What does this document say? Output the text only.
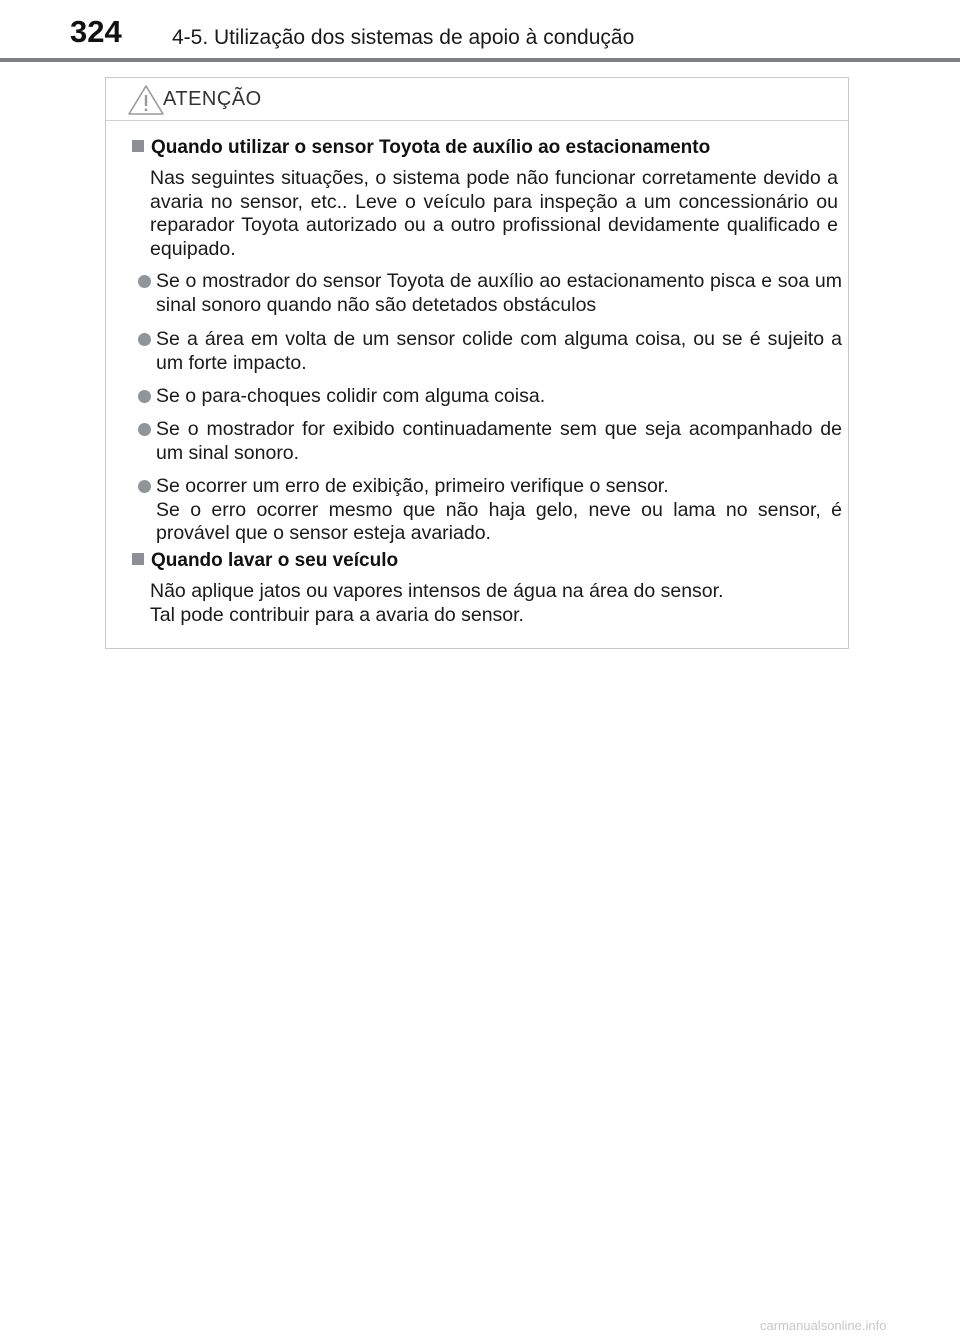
324 4-5. Utilização dos sistemas de apoio à condução
ATENÇÃO
Quando utilizar o sensor Toyota de auxílio ao estacionamento
Nas seguintes situações, o sistema pode não funcionar corretamente devido a avaria no sensor, etc.. Leve o veículo para inspeção a um concessionário ou reparador Toyota autorizado ou a outro profissional devidamente qualificado e equipado.
Se o mostrador do sensor Toyota de auxílio ao estacionamento pisca e soa um sinal sonoro quando não são detetados obstáculos
Se a área em volta de um sensor colide com alguma coisa, ou se é sujeito a um forte impacto.
Se o para-choques colidir com alguma coisa.
Se o mostrador for exibido continuadamente sem que seja acompanhado de um sinal sonoro.
Se ocorrer um erro de exibição, primeiro verifique o sensor.
Se o erro ocorrer mesmo que não haja gelo, neve ou lama no sensor, é provável que o sensor esteja avariado.
Quando lavar o seu veículo
Não aplique jatos ou vapores intensos de água na área do sensor.
Tal pode contribuir para a avaria do sensor.
carmanualsonline.info
